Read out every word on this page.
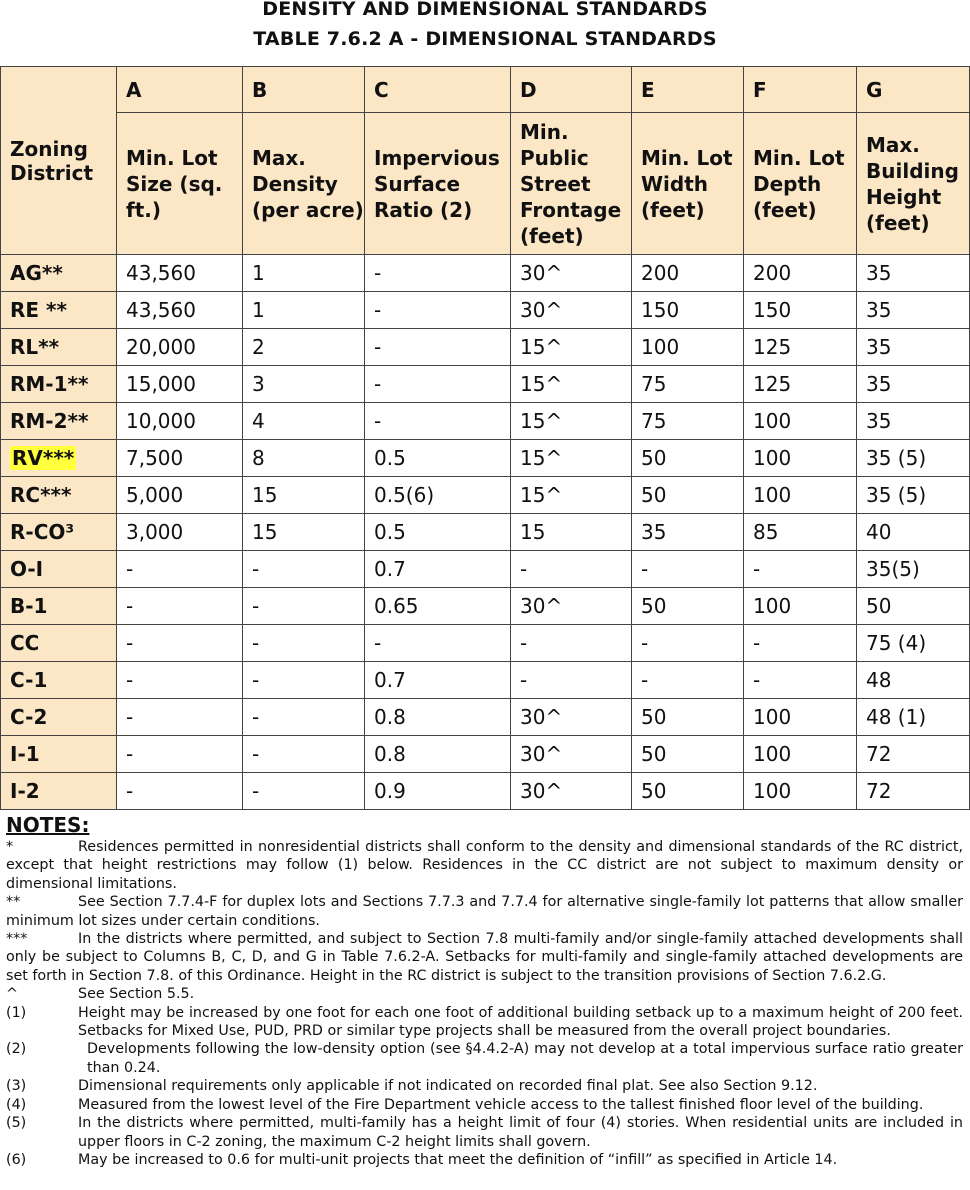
DENSITY AND DIMENSIONAL STANDARDS
TABLE 7.6.2 A - DIMENSIONAL STANDARDS
Zoning District	A	B	C	D	E	F	G
	Min. Lot Size (sq. ft.)	Max. Density (per acre)	Impervious Surface Ratio (2)	Min. Public Street Frontage (feet)	Min. Lot Width (feet)	Min. Lot Depth (feet)	Max. Building Height (feet)
AG**	43,560	1	-	30^	200	200	35
RE **	43,560	1	-	30^	150	150	35
RL**	20,000	2	-	15^	100	125	35
RM-1**	15,000	3	-	15^	75	125	35
RM-2**	10,000	4	-	15^	75	100	35
RV***	7,500	8	0.5	15^	50	100	35 (5)
RC***	5,000	15	0.5(6)	15^	50	100	35 (5)
R-CO³	3,000	15	0.5	15	35	85	40
O-I	-	-	0.7	-	-	-	35(5)
B-1	-	-	0.65	30^	50	100	50
CC	-	-	-	-	-	-	75 (4)
C-1	-	-	0.7	-	-	-	48
C-2	-	-	0.8	30^	50	100	48 (1)
I-1	-	-	0.8	30^	50	100	72
I-2	-	-	0.9	30^	50	100	72
NOTES:
*	Residences permitted in nonresidential districts shall conform to the density and dimensional standards of the RC district, except that height restrictions may follow (1) below. Residences in the CC district are not subject to maximum density or dimensional limitations.
**	See Section 7.7.4-F for duplex lots and Sections 7.7.3 and 7.7.4 for alternative single-family lot patterns that allow smaller minimum lot sizes under certain conditions.
***	In the districts where permitted, and subject to Section 7.8 multi-family and/or single-family attached developments shall only be subject to Columns B, C, D, and G in Table 7.6.2-A. Setbacks for multi-family and single-family attached developments are set forth in Section 7.8. of this Ordinance. Height in the RC district is subject to the transition provisions of Section 7.6.2.G.
^	See Section 5.5.
(1)	Height may be increased by one foot for each one foot of additional building setback up to a maximum height of 200 feet. Setbacks for Mixed Use, PUD, PRD or similar type projects shall be measured from the overall project boundaries.
(2)	Developments following the low-density option (see §4.4.2-A) may not develop at a total impervious surface ratio greater than 0.24.
(3)	Dimensional requirements only applicable if not indicated on recorded final plat. See also Section 9.12.
(4)	Measured from the lowest level of the Fire Department vehicle access to the tallest finished floor level of the building.
(5)	In the districts where permitted, multi-family has a height limit of four (4) stories. When residential units are included in upper floors in C-2 zoning, the maximum C-2 height limits shall govern.
(6)	May be increased to 0.6 for multi-unit projects that meet the definition of “infill” as specified in Article 14.
